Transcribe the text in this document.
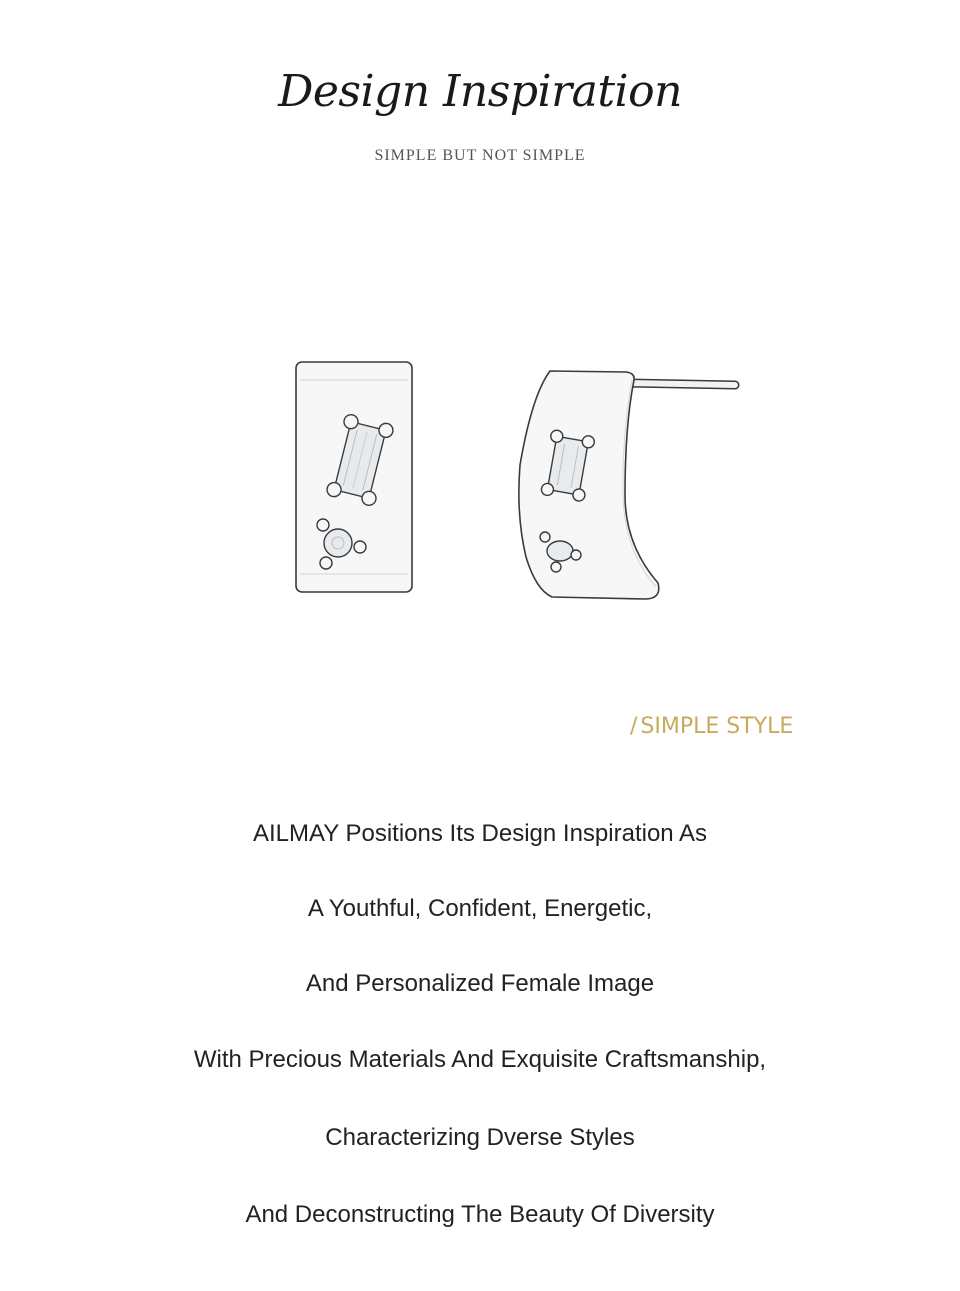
Design Inspiration
SIMPLE BUT NOT SIMPLE
/ SIMPLE STYLE
AILMAY Positions Its Design Inspiration As
A Youthful, Confident, Energetic,
And Personalized Female Image
With Precious Materials And Exquisite Craftsmanship,
Characterizing Dverse Styles
And Deconstructing The Beauty Of Diversity
